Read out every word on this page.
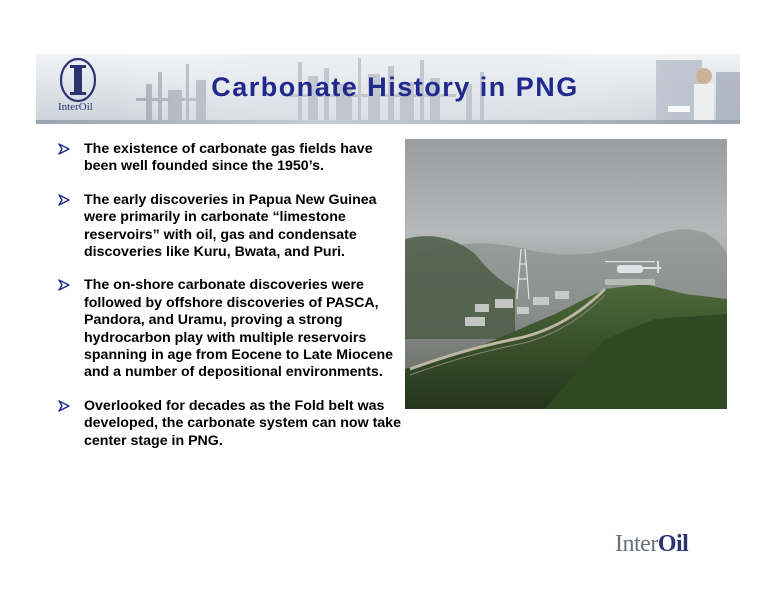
Carbonate History in PNG
InterOil
The existence of carbonate gas fields have been well founded since the 1950’s.
The early discoveries in Papua New Guinea were primarily in carbonate “limestone reservoirs” with oil, gas and condensate discoveries like Kuru, Bwata, and Puri.
The on-shore carbonate discoveries were followed by offshore discoveries of PASCA, Pandora, and Uramu, proving a strong hydrocarbon play with multiple reservoirs spanning in age from Eocene to Late Miocene and a number of depositional environments.
Overlooked for decades as the Fold belt was developed, the carbonate system can now take center stage in PNG.
InterOil
